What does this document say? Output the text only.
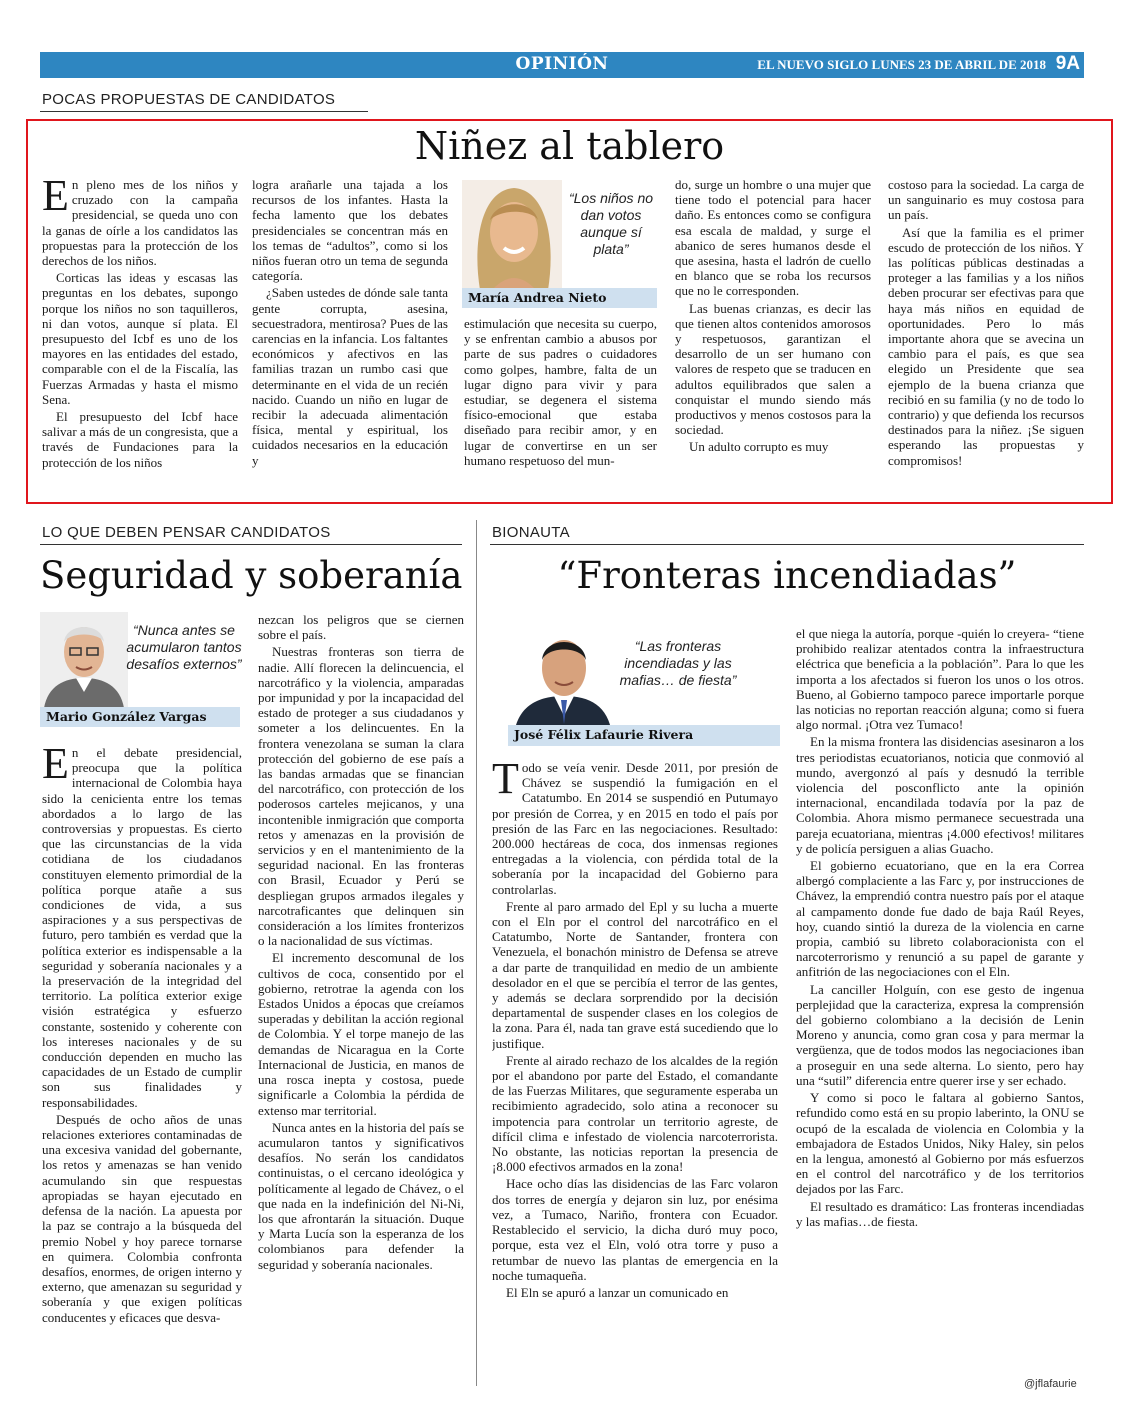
OPINIÓN	EL NUEVO SIGLO LUNES 23 DE ABRIL DE 2018 9A
POCAS PROPUESTAS DE CANDIDATOS
Niñez al tablero

En pleno mes de los niños y cruzado con la campaña presidencial, se queda uno con la ganas de oírle a los candidatos las propuestas para la protección de los derechos de los niños.

Corticas las ideas y escasas las preguntas en los debates, supongo porque los niños no son taquilleros, ni dan votos, aunque sí plata. El presupuesto del Icbf es uno de los mayores en las entidades del estado, comparable con el de la Fiscalía, las Fuerzas Armadas y hasta el mismo Sena.

El presupuesto del Icbf hace salivar a más de un congresista, que a través de Fundaciones para la protección de los niños

logra arañarle una tajada a los recursos de los infantes. Hasta la fecha lamento que los debates presidenciales se concentran más en los temas de “adultos”, como si los niños fueran otro un tema de segunda categoría.

¿Saben ustedes de dónde sale tanta gente corrupta, asesina, secuestradora, mentirosa? Pues de las carencias en la infancia. Los faltantes económicos y afectivos en las familias trazan un rumbo casi que determinante en el vida de un recién nacido. Cuando un niño en lugar de recibir la adecuada alimentación física, mental y espiritual, los cuidados necesarios en la educación y

“Los niños no dan votos aunque sí plata”
María Andrea Nieto

estimulación que necesita su cuerpo, y se enfrentan cambio a abusos por parte de sus padres o cuidadores como golpes, hambre, falta de un lugar digno para vivir y para estudiar, se degenera el sistema físico-emocional que estaba diseñado para recibir amor, y en lugar de convertirse en un ser humano respetuoso del mun-

do, surge un hombre o una mujer que tiene todo el potencial para hacer daño. Es entonces como se configura esa escala de maldad, y surge el abanico de seres humanos desde el que asesina, hasta el ladrón de cuello en blanco que se roba los recursos que no le corresponden.

Las buenas crianzas, es decir las que tienen altos contenidos amorosos y respetuosos, garantizan el desarrollo de un ser humano con valores de respeto que se traducen en adultos equilibrados que salen a conquistar el mundo siendo más productivos y menos costosos para la sociedad.

Un adulto corrupto es muy

costoso para la sociedad. La carga de un sanguinario es muy costosa para un país.

Así que la familia es el primer escudo de protección de los niños. Y las políticas públicas destinadas a proteger a las familias y a los niños deben procurar ser efectivas para que haya más niños en equidad de oportunidades. Pero lo más importante ahora que se avecina un cambio para el país, es que sea elegido un Presidente que sea ejemplo de la buena crianza que recibió en su familia (y no de todo lo contrario) y que defienda los recursos destinados para la niñez. ¡Se siguen esperando las propuestas y compromisos!

LO QUE DEBEN PENSAR CANDIDATOS
Seguridad y soberanía
“Nunca antes se acumularon tantos desafíos externos”
Mario González Vargas

En el debate presidencial, preocupa que la política internacional de Colombia haya sido la cenicienta entre los temas abordados a lo largo de las controversias y propuestas. Es cierto que las circunstancias de la vida cotidiana de los ciudadanos constituyen elemento primordial de la política porque atañe a sus condiciones de vida, a sus aspiraciones y a sus perspectivas de futuro, pero también es verdad que la política exterior es indispensable a la seguridad y soberanía nacionales y a la preservación de la integridad del territorio. La política exterior exige visión estratégica y esfuerzo constante, sostenido y coherente con los intereses nacionales y de su conducción dependen en mucho las capacidades de un Estado de cumplir son sus finalidades y responsabilidades.

Después de ocho años de unas relaciones exteriores contaminadas de una excesiva vanidad del gobernante, los retos y amenazas se han venido acumulando sin que respuestas apropiadas se hayan ejecutado en defensa de la nación. La apuesta por la paz se contrajo a la búsqueda del premio Nobel y hoy parece tornarse en quimera. Colombia confronta desafíos, enormes, de origen interno y externo, que amenazan su seguridad y soberanía y que exigen políticas conducentes y eficaces que desva-

nezcan los peligros que se ciernen sobre el país.

Nuestras fronteras son tierra de nadie. Allí florecen la delincuencia, el narcotráfico y la violencia, amparadas por impunidad y por la incapacidad del estado de proteger a sus ciudadanos y someter a los delincuentes. En la frontera venezolana se suman la clara protección del gobierno de ese país a las bandas armadas que se financian del narcotráfico, con protección de los poderosos carteles mejicanos, y una incontenible inmigración que comporta retos y amenazas en la provisión de servicios y en el mantenimiento de la seguridad nacional. En las fronteras con Brasil, Ecuador y Perú se despliegan grupos armados ilegales y narcotraficantes que delinquen sin consideración a los límites fronterizos o la nacionalidad de sus víctimas.

El incremento descomunal de los cultivos de coca, consentido por el gobierno, retrotrae la agenda con los Estados Unidos a épocas que creíamos superadas y debilitan la acción regional de Colombia. Y el torpe manejo de las demandas de Nicaragua en la Corte Internacional de Justicia, en manos de una rosca inepta y costosa, puede significarle a Colombia la pérdida de extenso mar territorial.

Nunca antes en la historia del país se acumularon tantos y significativos desafíos. No serán los candidatos continuistas, o el cercano ideológica y políticamente al legado de Chávez, o el que nada en la indefinición del Ni-Ni, los que afrontarán la situación. Duque y Marta Lucía son la esperanza de los colombianos para defender la seguridad y soberanía nacionales.

BIONAUTA
“Fronteras incendiadas”
“Las fronteras incendiadas y las mafias… de fiesta”
José Félix Lafaurie Rivera

Todo se veía venir. Desde 2011, por presión de Chávez se suspendió la fumigación en el Catatumbo. En 2014 se suspendió en Putumayo por presión de Correa, y en 2015 en todo el país por presión de las Farc en las negociaciones. Resultado: 200.000 hectáreas de coca, dos inmensas regiones entregadas a la violencia, con pérdida total de la soberanía por la incapacidad del Gobierno para controlarlas.

Frente al paro armado del Epl y su lucha a muerte con el Eln por el control del narcotráfico en el Catatumbo, Norte de Santander, frontera con Venezuela, el bonachón ministro de Defensa se atreve a dar parte de tranquilidad en medio de un ambiente desolador en el que se percibía el terror de las gentes, y además se declara sorprendido por la decisión departamental de suspender clases en los colegios de la zona. Para él, nada tan grave está sucediendo que lo justifique.

Frente al airado rechazo de los alcaldes de la región por el abandono por parte del Estado, el comandante de las Fuerzas Militares, que seguramente esperaba un recibimiento agradecido, solo atina a reconocer su impotencia para controlar un territorio agreste, de difícil clima e infestado de violencia narcoterrorista. No obstante, las noticias reportan la presencia de ¡8.000 efectivos armados en la zona!

Hace ocho días las disidencias de las Farc volaron dos torres de energía y dejaron sin luz, por enésima vez, a Tumaco, Nariño, frontera con Ecuador. Restablecido el servicio, la dicha duró muy poco, porque, esta vez el Eln, voló otra torre y puso a retumbar de nuevo las plantas de emergencia en la noche tumaqueña.

El Eln se apuró a lanzar un comunicado en

el que niega la autoría, porque -quién lo creyera- “tiene prohibido realizar atentados contra la infraestructura eléctrica que beneficia a la población”. Para lo que les importa a los afectados si fueron los unos o los otros. Bueno, al Gobierno tampoco parece importarle porque las noticias no reportan reacción alguna; como si fuera algo normal. ¡Otra vez Tumaco!

En la misma frontera las disidencias asesinaron a los tres periodistas ecuatorianos, noticia que conmovió al mundo, avergonzó al país y desnudó la terrible violencia del posconflicto ante la opinión internacional, encandilada todavía por la paz de Colombia. Ahora mismo permanece secuestrada una pareja ecuatoriana, mientras ¡4.000 efectivos! militares y de policía persiguen a alias Guacho.

El gobierno ecuatoriano, que en la era Correa albergó complaciente a las Farc y, por instrucciones de Chávez, la emprendió contra nuestro país por el ataque al campamento donde fue dado de baja Raúl Reyes, hoy, cuando sintió la dureza de la violencia en carne propia, cambió su libreto colaboracionista con el narcoterrorismo y renunció a su papel de garante y anfitrión de las negociaciones con el Eln.

La canciller Holguín, con ese gesto de ingenua perplejidad que la caracteriza, expresa la comprensión del gobierno colombiano a la decisión de Lenin Moreno y anuncia, como gran cosa y para mermar la vergüenza, que de todos modos las negociaciones iban a proseguir en una sede alterna. Lo siento, pero hay una “sutil” diferencia entre querer irse y ser echado.

Y como si poco le faltara al gobierno Santos, refundido como está en su propio laberinto, la ONU se ocupó de la escalada de violencia en Colombia y la embajadora de Estados Unidos, Niky Haley, sin pelos en la lengua, amonestó al Gobierno por más esfuerzos en el control del narcotráfico y de los territorios dejados por las Farc.

El resultado es dramático: Las fronteras incendiadas y las mafias…de fiesta.

@jflafaurie
